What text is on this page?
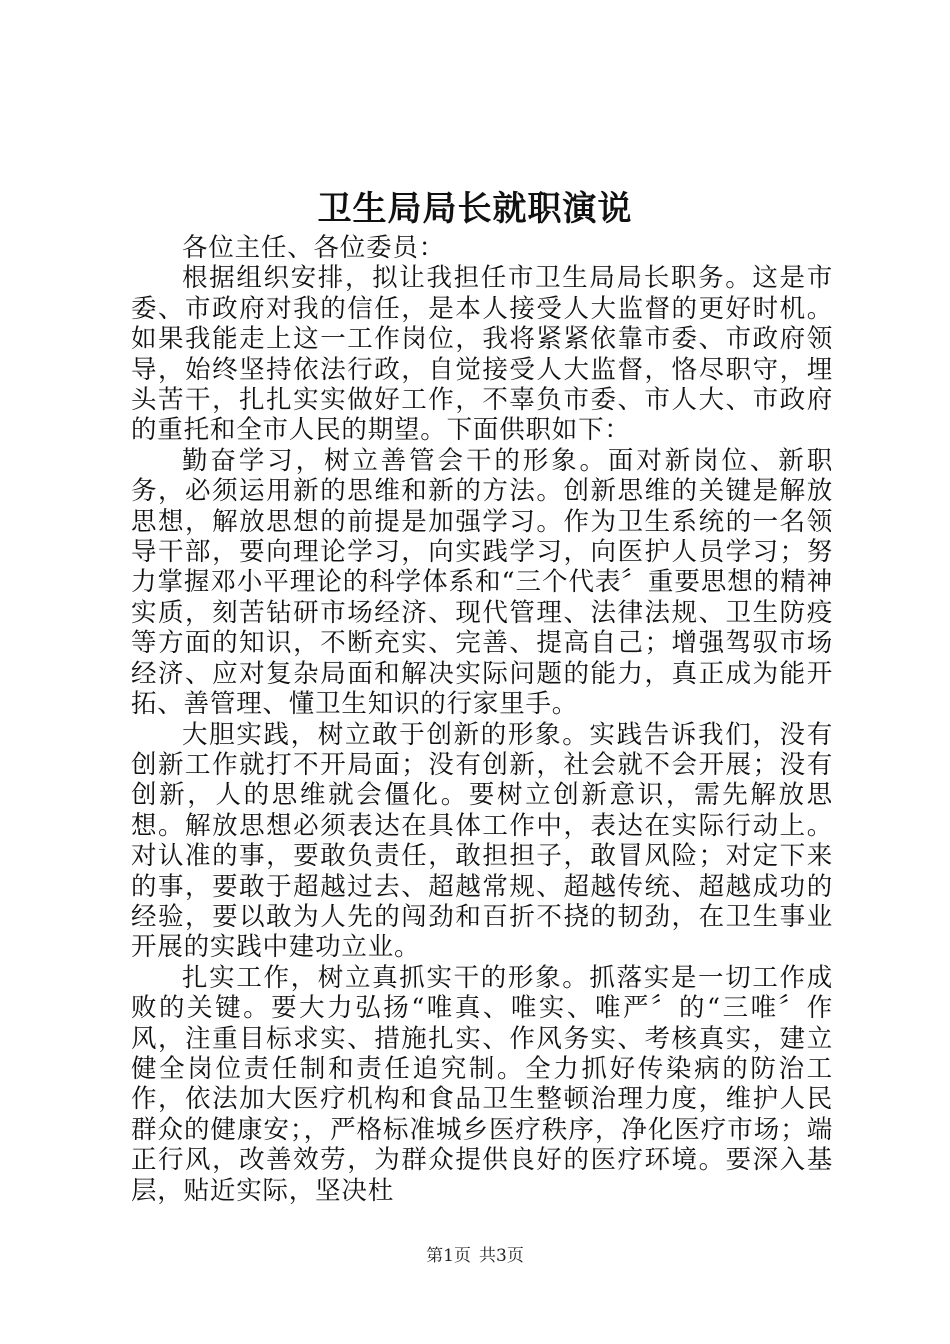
卫生局局长就职演说

各位主任、各位委员：

根据组织安排，拟让我担任市卫生局局长职务。这是市委、市政府对我的信任，是本人接受人大监督的更好时机。如果我能走上这一工作岗位，我将紧紧依靠市委、市政府领导，始终坚持依法行政，自觉接受人大监督，恪尽职守，埋头苦干，扎扎实实做好工作，不辜负市委、市人大、市政府的重托和全市人民的期望。下面供职如下：

勤奋学习，树立善管会干的形象。面对新岗位、新职务，必须运用新的思维和新的方法。创新思维的关键是解放思想，解放思想的前提是加强学习。作为卫生系统的一名领导干部，要向理论学习，向实践学习，向医护人员学习；努力掌握邓小平理论的科学体系和“三个代表〞重要思想的精神实质，刻苦钻研市场经济、现代管理、法律法规、卫生防疫等方面的知识，不断充实、完善、提高自己；增强驾驭市场经济、应对复杂局面和解决实际问题的能力，真正成为能开拓、善管理、懂卫生知识的行家里手。

大胆实践，树立敢于创新的形象。实践告诉我们，没有创新工作就打不开局面；没有创新，社会就不会开展；没有创新，人的思维就会僵化。要树立创新意识，需先解放思想。解放思想必须表达在具体工作中，表达在实际行动上。对认准的事，要敢负责任，敢担担子，敢冒风险；对定下来的事，要敢于超越过去、超越常规、超越传统、超越成功的经验，要以敢为人先的闯劲和百折不挠的韧劲，在卫生事业开展的实践中建功立业。

扎实工作，树立真抓实干的形象。抓落实是一切工作成败的关键。要大力弘扬“唯真、唯实、唯严〞的“三唯〞作风，注重目标求实、措施扎实、作风务实、考核真实，建立健全岗位责任制和责任追究制。全力抓好传染病的防治工作，依法加大医疗机构和食品卫生整顿治理力度，维护人民群众的健康安；，严格标准城乡医疗秩序，净化医疗市场；端正行风，改善效劳，为群众提供良好的医疗环境。要深入基层，贴近实际，坚决杜

第1页 共3页
